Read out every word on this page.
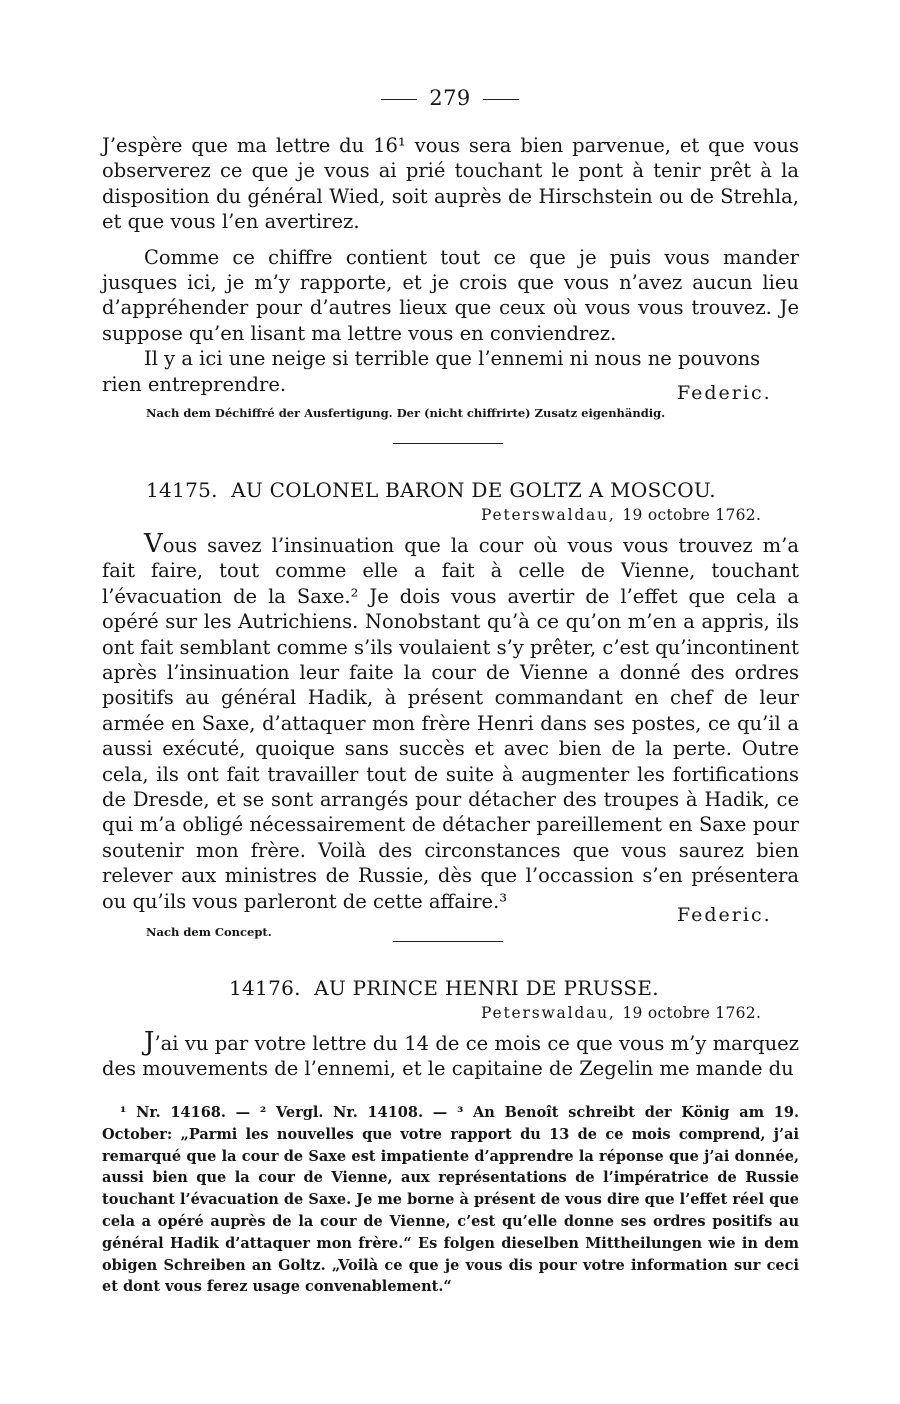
279

J’espère que ma lettre du 16¹ vous sera bien parvenue, et que vous observerez ce que je vous ai prié touchant le pont à tenir prêt à la disposition du général Wied, soit auprès de Hirschstein ou de Strehla, et que vous l’en avertirez.

Comme ce chiffre contient tout ce que je puis vous mander jusques ici, je m’y rapporte, et je crois que vous n’avez aucun lieu d’appréhender pour d’autres lieux que ceux où vous vous trouvez. Je suppose qu’en lisant ma lettre vous en conviendrez.

Il y a ici une neige si terrible que l’ennemi ni nous ne pouvons rien entreprendre.	Federic.
Nach dem Déchiffré der Ausfertigung. Der (nicht chiffrirte) Zusatz eigenhändig.
14175. AU COLONEL BARON DE GOLTZ A MOSCOU.
Peterswaldau, 19 octobre 1762.

Vous savez l’insinuation que la cour où vous vous trouvez m’a fait faire, tout comme elle a fait à celle de Vienne, touchant l’évacuation de la Saxe.² Je dois vous avertir de l’effet que cela a opéré sur les Autrichiens. Nonobstant qu’à ce qu’on m’en a appris, ils ont fait semblant comme s’ils voulaient s’y prêter, c’est qu’incontinent après l’insinuation leur faite la cour de Vienne a donné des ordres positifs au général Hadik, à présent commandant en chef de leur armée en Saxe, d’attaquer mon frère Henri dans ses postes, ce qu’il a aussi exécuté, quoique sans succès et avec bien de la perte. Outre cela, ils ont fait travailler tout de suite à augmenter les fortifications de Dresde, et se sont arrangés pour détacher des troupes à Hadik, ce qui m’a obligé nécessairement de détacher pareillement en Saxe pour soutenir mon frère. Voilà des circonstances que vous saurez bien relever aux ministres de Russie, dès que l’occassion s’en présentera ou qu’ils vous parleront de cette affaire.³

Federic.
Nach dem Concept.
14176. AU PRINCE HENRI DE PRUSSE.
Peterswaldau, 19 octobre 1762.

J’ai vu par votre lettre du 14 de ce mois ce que vous m’y marquez des mouvements de l’ennemi, et le capitaine de Zegelin me mande du

¹ Nr. 14168. — ² Vergl. Nr. 14108. — ³ An Benoît schreibt der König am 19. October: „Parmi les nouvelles que votre rapport du 13 de ce mois comprend, j’ai remarqué que la cour de Saxe est impatiente d’apprendre la réponse que j’ai donnée, aussi bien que la cour de Vienne, aux représentations de l’impératrice de Russie touchant l’évacuation de Saxe. Je me borne à présent de vous dire que l’effet réel que cela a opéré auprès de la cour de Vienne, c’est qu’elle donne ses ordres positifs au général Hadik d’attaquer mon frère.“ Es folgen dieselben Mittheilungen wie in dem obigen Schreiben an Goltz. „Voilà ce que je vous dis pour votre information sur ceci et dont vous ferez usage convenablement.“
